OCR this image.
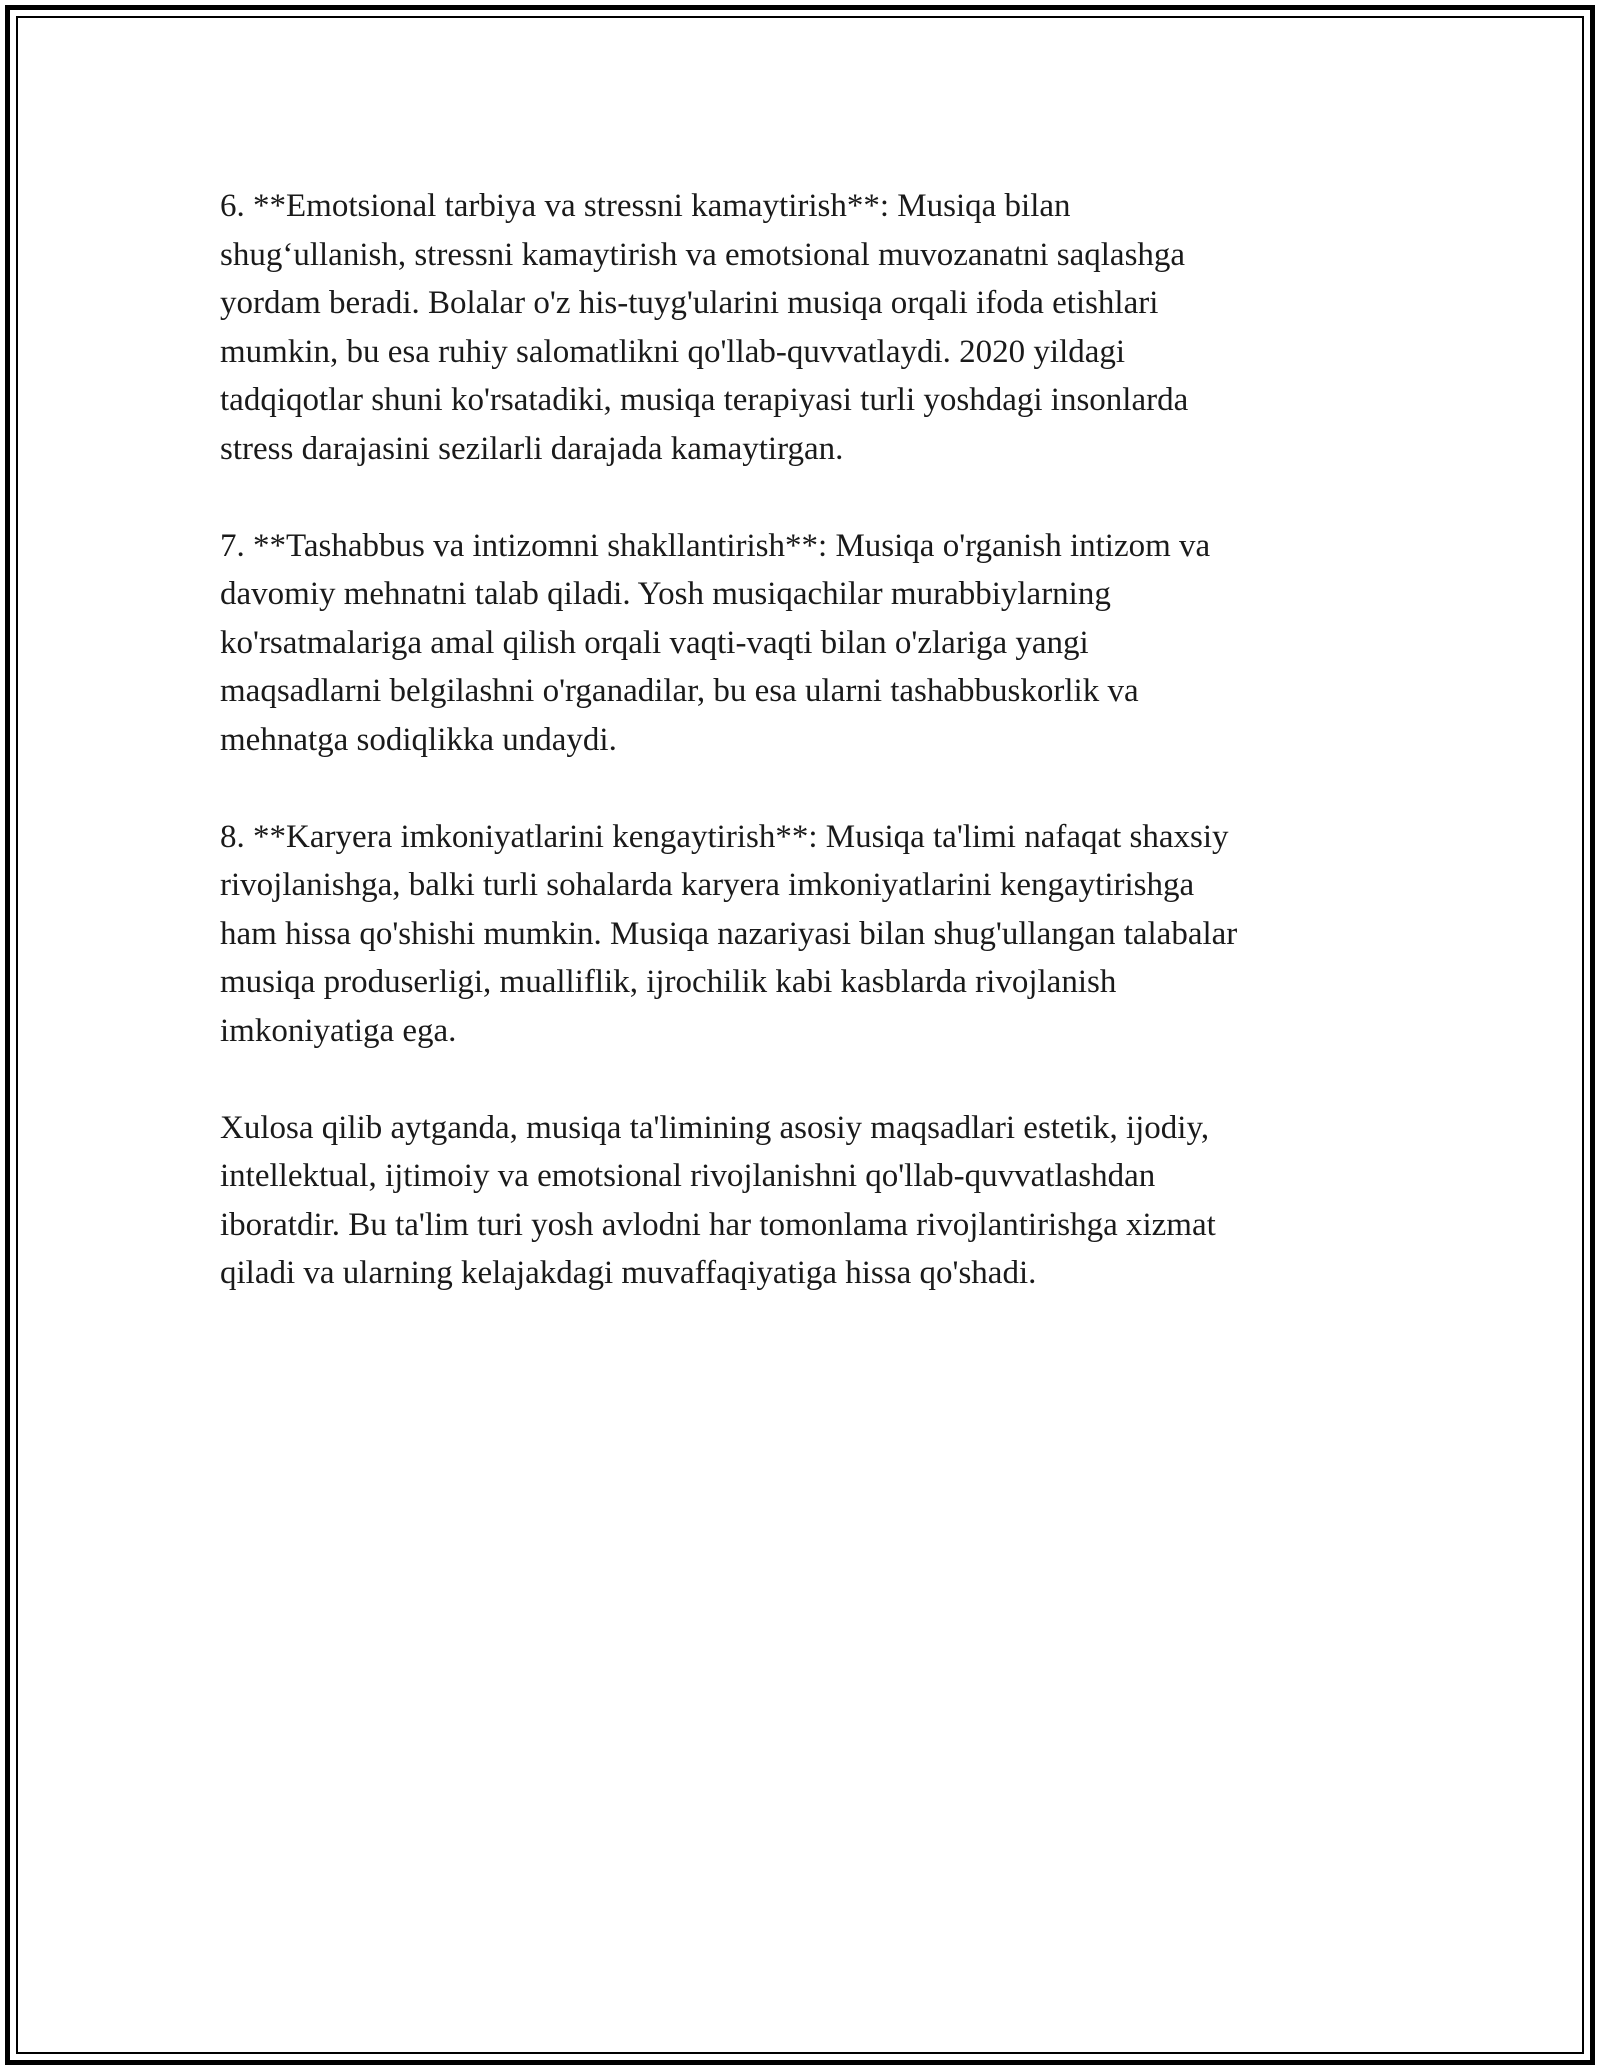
6. **Emotsional tarbiya va stressni kamaytirish**: Musiqa bilan
shug‘ullanish, stressni kamaytirish va emotsional muvozanatni saqlashga
yordam beradi. Bolalar o'z his-tuyg'ularini musiqa orqali ifoda etishlari
mumkin, bu esa ruhiy salomatlikni qo'llab-quvvatlaydi. 2020 yildagi
tadqiqotlar shuni ko'rsatadiki, musiqa terapiyasi turli yoshdagi insonlarda
stress darajasini sezilarli darajada kamaytirgan.

7. **Tashabbus va intizomni shakllantirish**: Musiqa o'rganish intizom va
davomiy mehnatni talab qiladi. Yosh musiqachilar murabbiylarning
ko'rsatmalariga amal qilish orqali vaqti-vaqti bilan o'zlariga yangi
maqsadlarni belgilashni o'rganadilar, bu esa ularni tashabbuskorlik va
mehnatga sodiqlikka undaydi.

8. **Karyera imkoniyatlarini kengaytirish**: Musiqa ta'limi nafaqat shaxsiy
rivojlanishga, balki turli sohalarda karyera imkoniyatlarini kengaytirishga
ham hissa qo'shishi mumkin. Musiqa nazariyasi bilan shug'ullangan talabalar
musiqa produserligi, mualliflik, ijrochilik kabi kasblarda rivojlanish
imkoniyatiga ega.

Xulosa qilib aytganda, musiqa ta'limining asosiy maqsadlari estetik, ijodiy,
intellektual, ijtimoiy va emotsional rivojlanishni qo'llab-quvvatlashdan
iboratdir. Bu ta'lim turi yosh avlodni har tomonlama rivojlantirishga xizmat
qiladi va ularning kelajakdagi muvaffaqiyatiga hissa qo'shadi.
